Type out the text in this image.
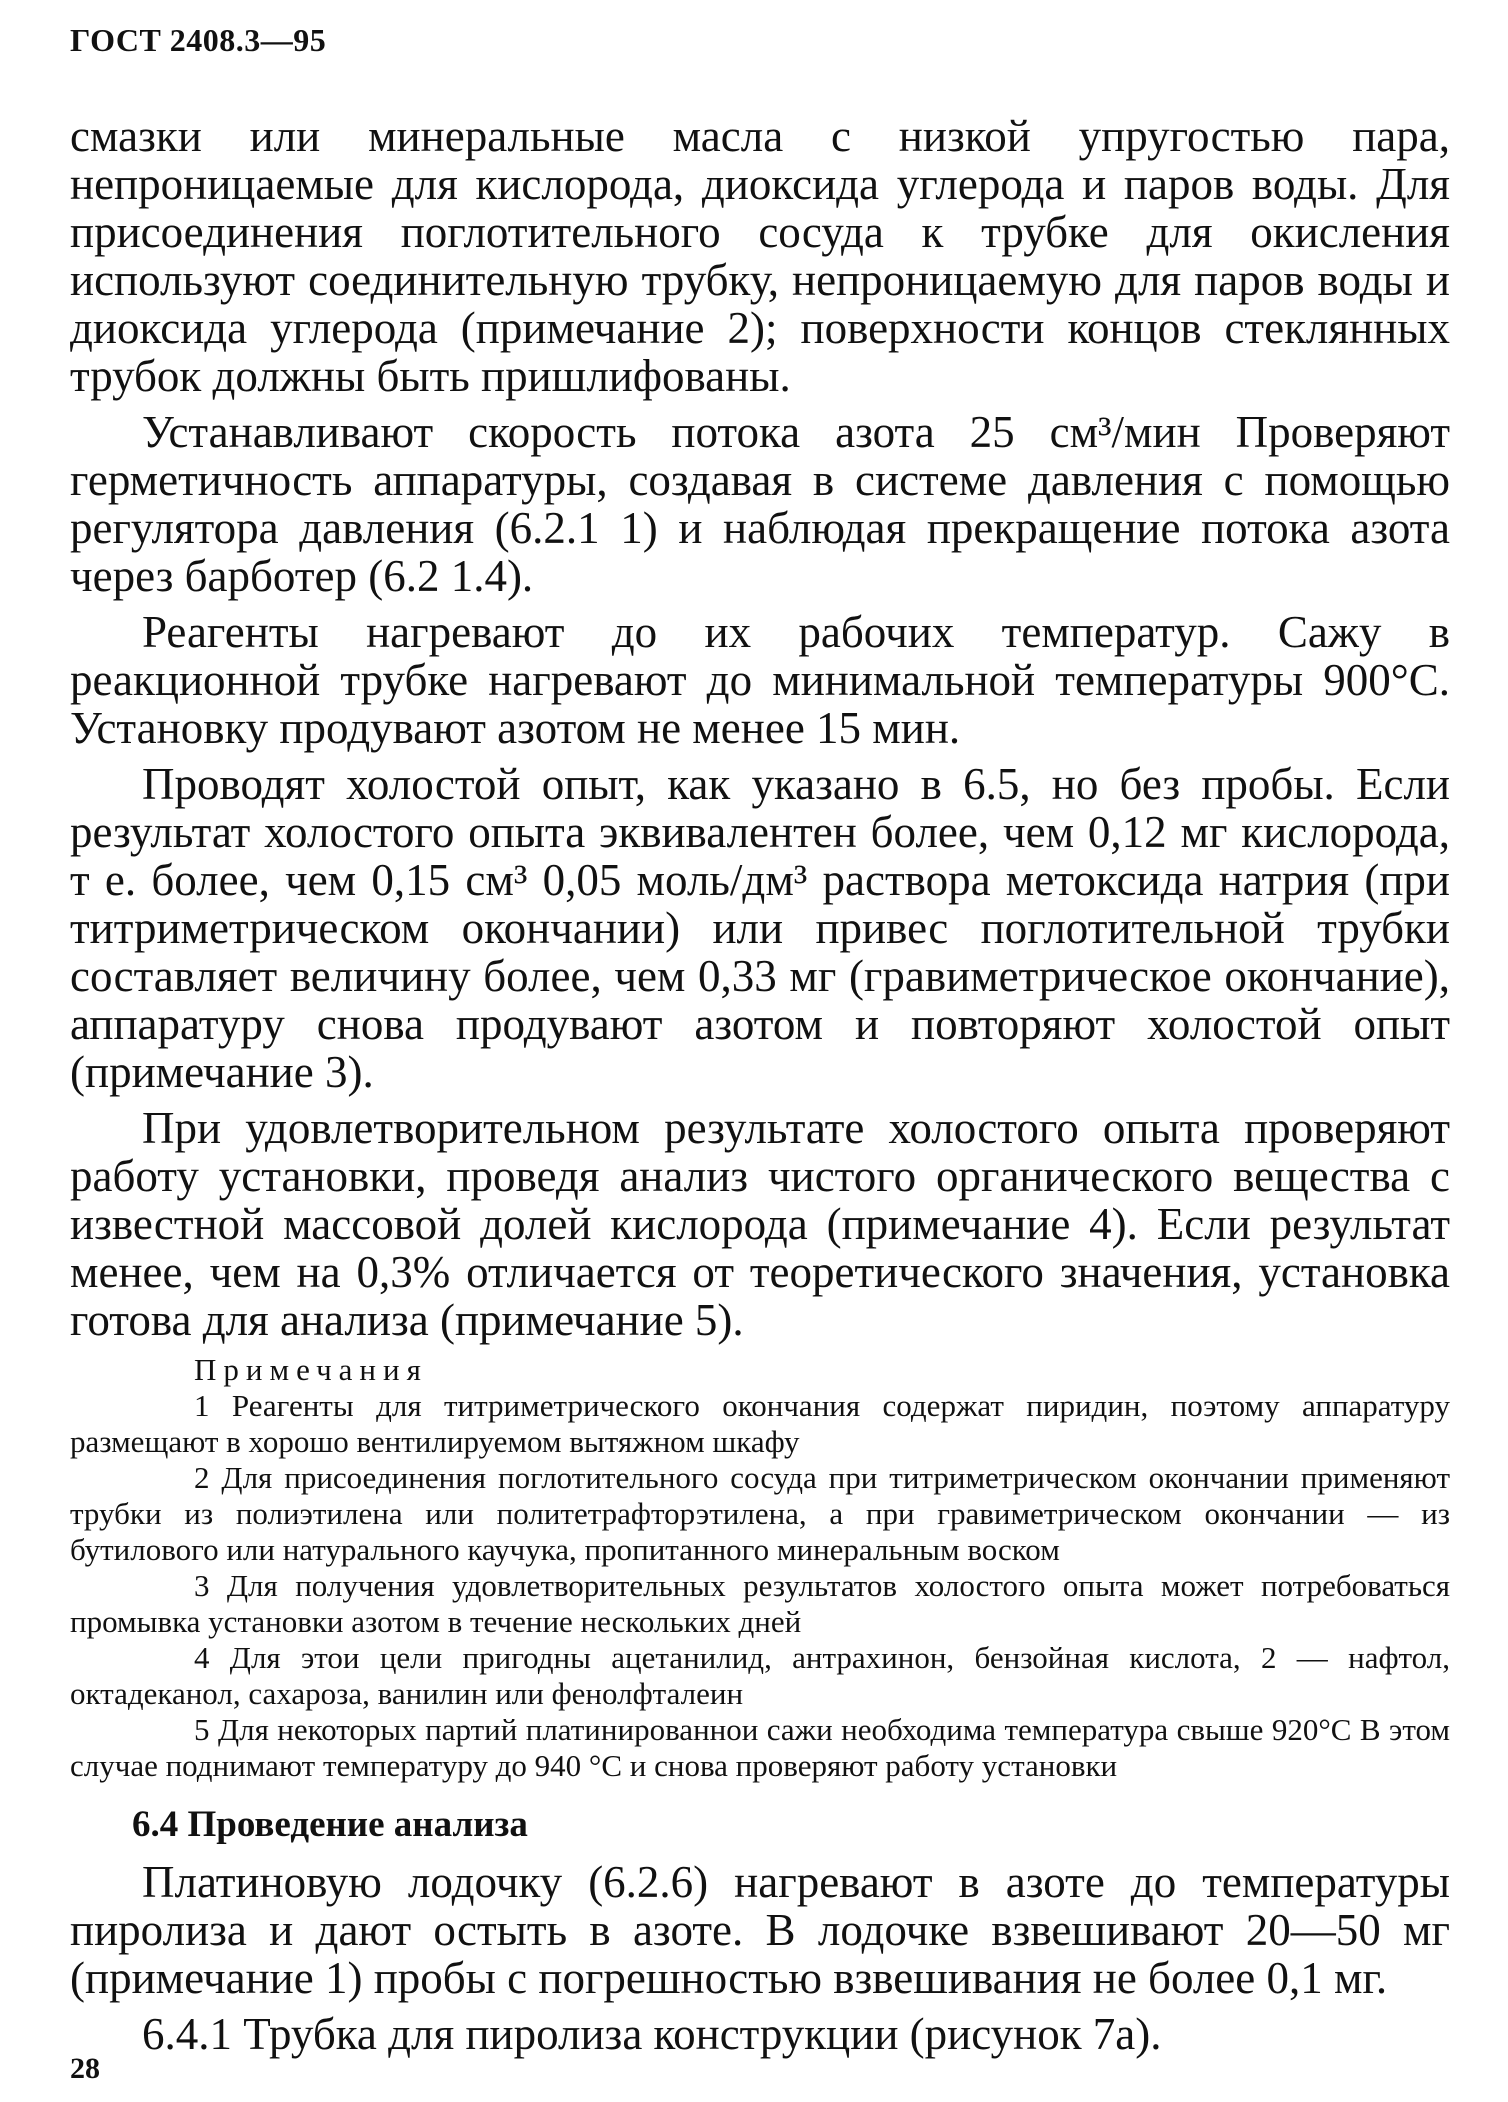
ГОСТ 2408.3—95

смазки или минеральные масла с низкой упругостью пара, непроницаемые для кислорода, диоксида углерода и паров воды. Для присоединения поглотительного сосуда к трубке для окисления используют соединительную трубку, непроницаемую для паров воды и диоксида углерода (примечание 2); поверхности концов стеклянных трубок должны быть пришлифованы.

Устанавливают скорость потока азота 25 см³/мин Проверяют герметичность аппаратуры, создавая в системе давления с помощью регулятора давления (6.2.1 1) и наблюдая прекращение потока азота через барботер (6.2 1.4).

Реагенты нагревают до их рабочих температур. Сажу в реакционной трубке нагревают до минимальной температуры 900°С. Установку продувают азотом не менее 15 мин.

Проводят холостой опыт, как указано в 6.5, но без пробы. Если результат холостого опыта эквивалентен более, чем 0,12 мг кислорода, т е. более, чем 0,15 см³ 0,05 моль/дм³ раствора метоксида натрия (при титриметрическом окончании) или привес поглотительной трубки составляет величину более, чем 0,33 мг (гравиметрическое окончание), аппаратуру снова продувают азотом и повторяют холостой опыт (примечание 3).

При удовлетворительном результате холостого опыта проверяют работу установки, проведя анализ чистого органического вещества с известной массовой долей кислорода (примечание 4). Если результат менее, чем на 0,3% отличается от теоретического значения, установка готова для анализа (примечание 5).

Примечания

1 Реагенты для титриметрического окончания содержат пиридин, поэтому аппаратуру размещают в хорошо вентилируемом вытяжном шкафу

2 Для присоединения поглотительного сосуда при титриметрическом окончании применяют трубки из полиэтилена или политетрафторэтилена, а при гравиметрическом окончании — из бутилового или натурального каучука, пропитанного минеральным воском

3 Для получения удовлетворительных результатов холостого опыта может потребоваться промывка установки азотом в течение нескольких дней

4 Для этои цели пригодны ацетанилид, антрахинон, бензойная кислота, 2 — нафтол, октадеканол, сахароза, ванилин или фенолфталеин

5 Для некоторых партий платинированнои сажи необходима температура свыше 920°С В этом случае поднимают температуру до 940 °С и снова проверяют работу установки

6.4 Проведение анализа

Платиновую лодочку (6.2.6) нагревают в азоте до температуры пиролиза и дают остыть в азоте. В лодочке взвешивают 20—50 мг (примечание 1) пробы с погрешностью взвешивания не более 0,1 мг.

6.4.1 Трубка для пиролиза конструкции (рисунок 7а).

28
